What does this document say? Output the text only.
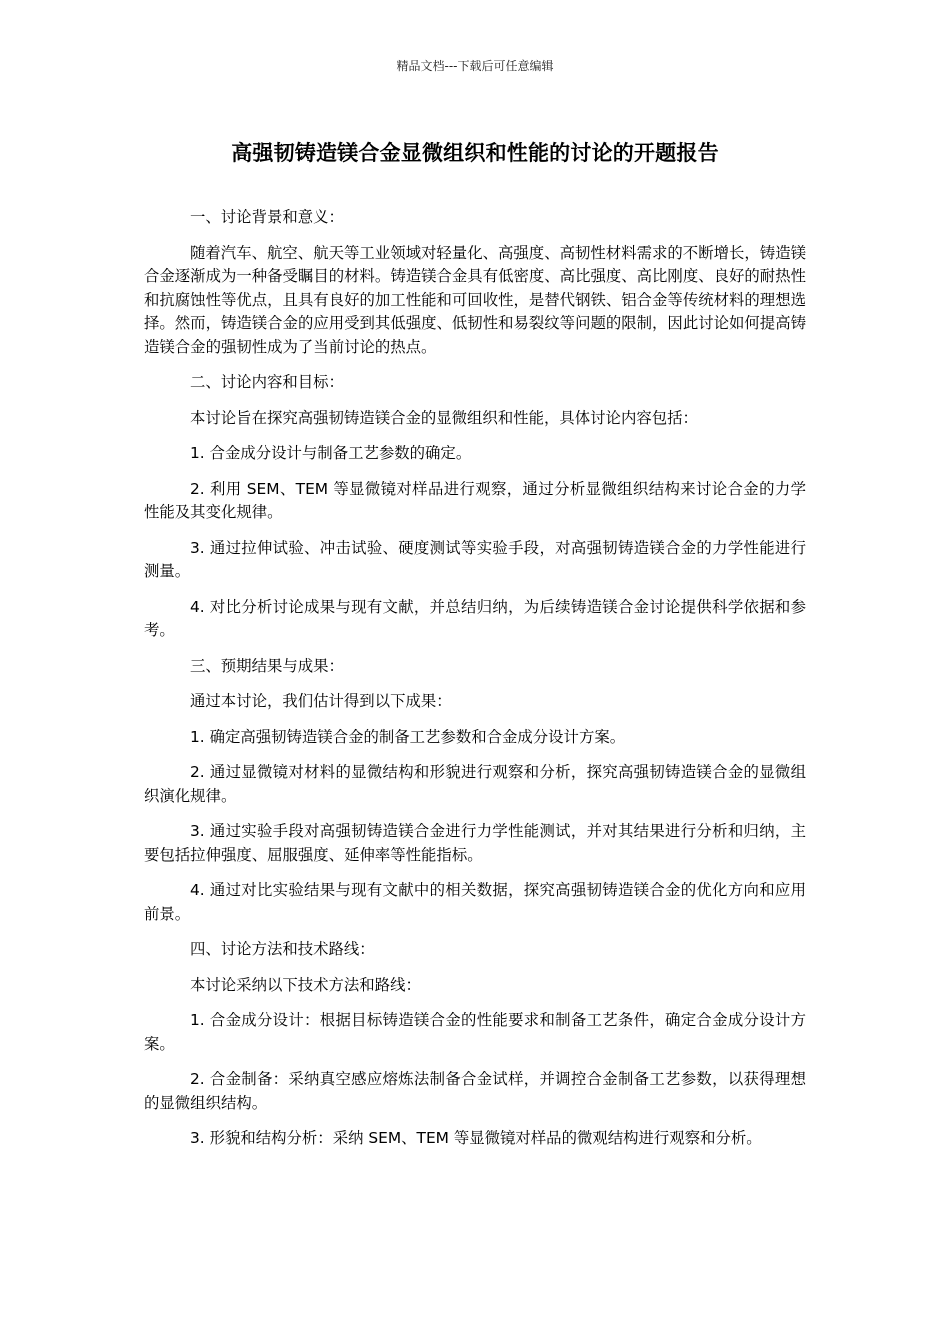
精品文档---下载后可任意编辑
高强韧铸造镁合金显微组织和性能的讨论的开题报告

一、讨论背景和意义：

随着汽车、航空、航天等工业领域对轻量化、高强度、高韧性材料需求的不断增长，铸造镁合金逐渐成为一种备受瞩目的材料。铸造镁合金具有低密度、高比强度、高比刚度、良好的耐热性和抗腐蚀性等优点，且具有良好的加工性能和可回收性，是替代钢铁、铝合金等传统材料的理想选择。然而，铸造镁合金的应用受到其低强度、低韧性和易裂纹等问题的限制，因此讨论如何提高铸造镁合金的强韧性成为了当前讨论的热点。

二、讨论内容和目标：

本讨论旨在探究高强韧铸造镁合金的显微组织和性能，具体讨论内容包括：

1. 合金成分设计与制备工艺参数的确定。

2. 利用 SEM、TEM 等显微镜对样品进行观察，通过分析显微组织结构来讨论合金的力学性能及其变化规律。

3. 通过拉伸试验、冲击试验、硬度测试等实验手段，对高强韧铸造镁合金的力学性能进行测量。

4. 对比分析讨论成果与现有文献，并总结归纳，为后续铸造镁合金讨论提供科学依据和参考。

三、预期结果与成果：

通过本讨论，我们估计得到以下成果：

1. 确定高强韧铸造镁合金的制备工艺参数和合金成分设计方案。

2. 通过显微镜对材料的显微结构和形貌进行观察和分析，探究高强韧铸造镁合金的显微组织演化规律。

3. 通过实验手段对高强韧铸造镁合金进行力学性能测试，并对其结果进行分析和归纳，主要包括拉伸强度、屈服强度、延伸率等性能指标。

4. 通过对比实验结果与现有文献中的相关数据，探究高强韧铸造镁合金的优化方向和应用前景。

四、讨论方法和技术路线：

本讨论采纳以下技术方法和路线：

1. 合金成分设计：根据目标铸造镁合金的性能要求和制备工艺条件，确定合金成分设计方案。

2. 合金制备：采纳真空感应熔炼法制备合金试样，并调控合金制备工艺参数，以获得理想的显微组织结构。

3. 形貌和结构分析：采纳 SEM、TEM 等显微镜对样品的微观结构进行观察和分析。
